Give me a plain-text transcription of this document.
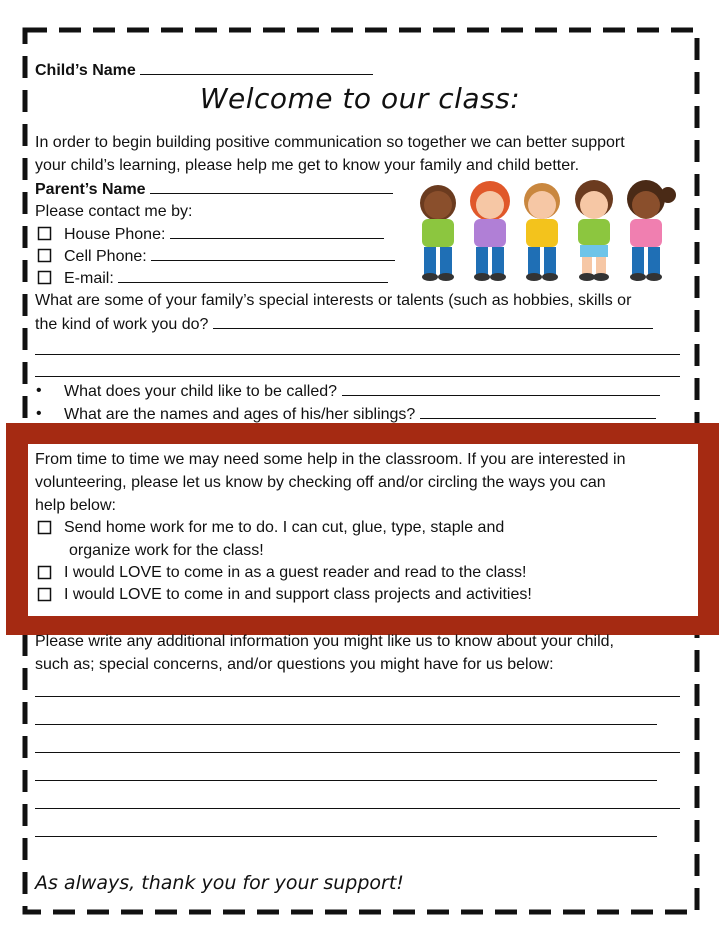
Child’s Name
Welcome to our class:
In order to begin building positive communication so together we can better support
your child’s learning, please help me get to know your family and child better.
Parent’s Name
Please contact me by:
House Phone:
Cell Phone:
E-mail:
What are some of your family’s special interests or talents (such as hobbies, skills or
the kind of work you do?
• What does your child like to be called?
• What are the names and ages of his/her siblings?
From time to time we may need some help in the classroom. If you are interested in
volunteering, please let us know by checking off and/or circling the ways you can
help below:
Send home work for me to do. I can cut, glue, type, staple and
organize work for the class!
I would LOVE to come in as a guest reader and read to the class!
I would LOVE to come in and support class projects and activities!
Please write any additional information you might like us to know about your child,
such as; special concerns, and/or questions you might have for us below:
As always, thank you for your support!
